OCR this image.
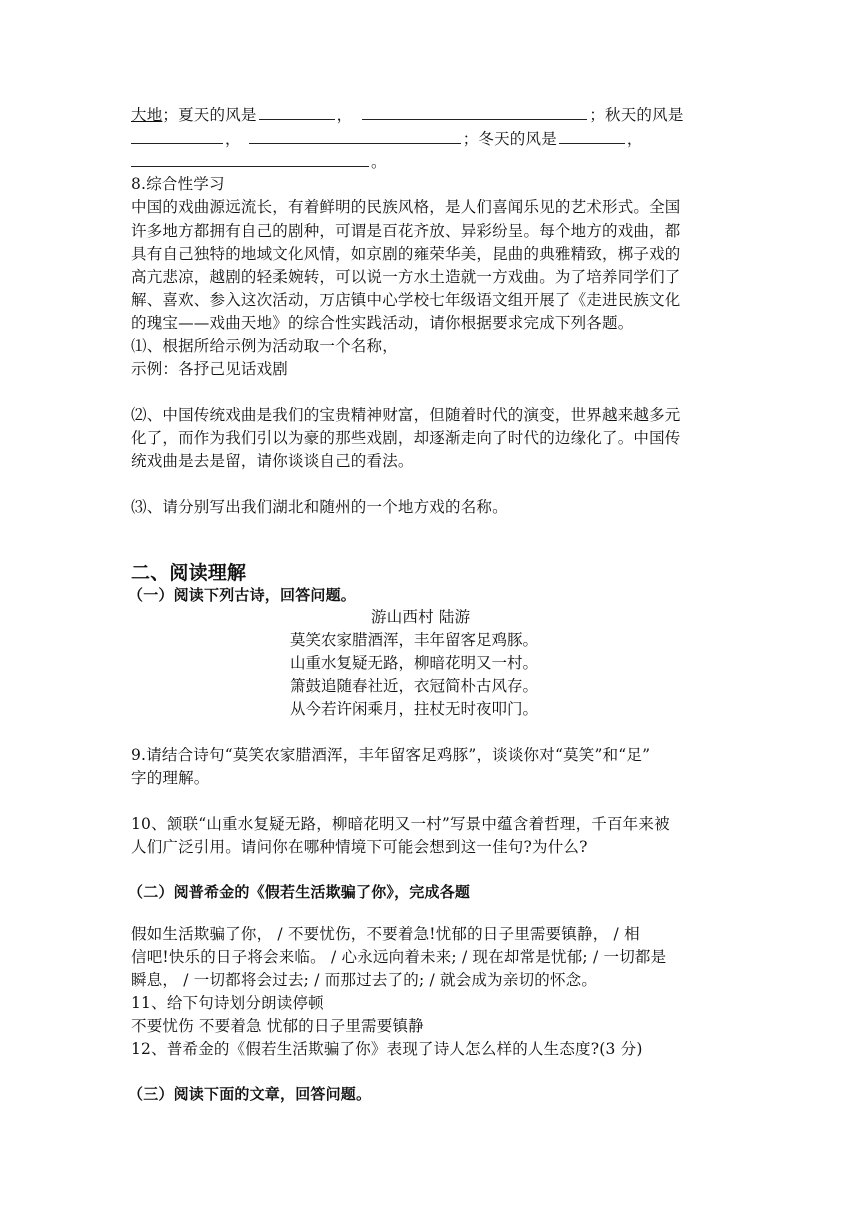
大地；夏天的风是	，	；秋天的风是
，	；冬天的风是	，
。
8.综合性学习
中国的戏曲源远流长，有着鲜明的民族风格，是人们喜闻乐见的艺术形式。全国
许多地方都拥有自己的剧种，可谓是百花齐放、异彩纷呈。每个地方的戏曲，都
具有自己独特的地域文化风情，如京剧的雍荣华美，昆曲的典雅精致，梆子戏的
高亢悲凉，越剧的轻柔婉转，可以说一方水土造就一方戏曲。为了培养同学们了
解、喜欢、参入这次活动，万店镇中心学校七年级语文组开展了《走进民族文化
的瑰宝——戏曲天地》的综合性实践活动，请你根据要求完成下列各题。
⑴、根据所给示例为活动取一个名称，
示例：各抒己见话戏剧
⑵、中国传统戏曲是我们的宝贵精神财富，但随着时代的演变，世界越来越多元
化了，而作为我们引以为豪的那些戏剧，却逐渐走向了时代的边缘化了。中国传
统戏曲是去是留，请你谈谈自己的看法。
⑶、请分别写出我们湖北和随州的一个地方戏的名称。
二、阅读理解
（一）阅读下列古诗，回答问题。
游山西村 陆游
莫笑农家腊酒浑，丰年留客足鸡豚。
山重水复疑无路，柳暗花明又一村。
箫鼓追随春社近，衣冠简朴古风存。
从今若许闲乘月，拄杖无时夜叩门。
9.请结合诗句“莫笑农家腊酒浑，丰年留客足鸡豚”，谈谈你对“莫笑”和“足”
字的理解。
10、颔联“山重水复疑无路，柳暗花明又一村”写景中蕴含着哲理，千百年来被
人们广泛引用。请问你在哪种情境下可能会想到这一佳句?为什么?
（二）阅普希金的《假若生活欺骗了你》，完成各题
假如生活欺骗了你， / 不要忧伤，不要着急!忧郁的日子里需要镇静， / 相
信吧!快乐的日子将会来临。 / 心永远向着未来; / 现在却常是忧郁; / 一切都是
瞬息， / 一切都将会过去; / 而那过去了的; / 就会成为亲切的怀念。
11、给下句诗划分朗读停顿
不要忧伤 不要着急 忧郁的日子里需要镇静
12、普希金的《假若生活欺骗了你》表现了诗人怎么样的人生态度?(3 分)
（三）阅读下面的文章，回答问题。
